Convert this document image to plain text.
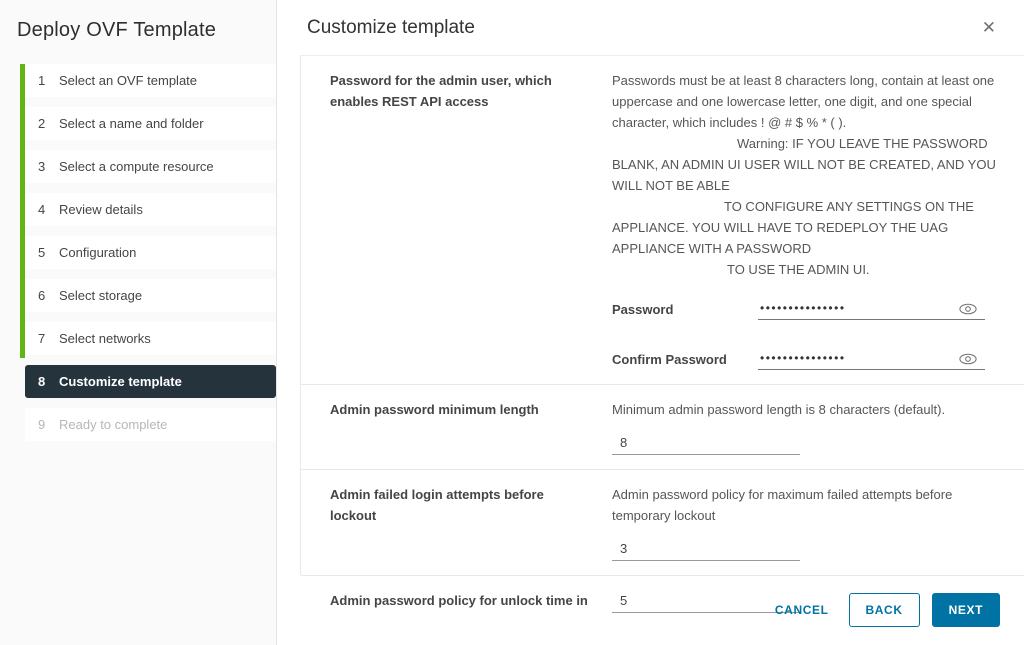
Deploy OVF Template
1	Select an OVF template
2	Select a name and folder
3	Select a compute resource
4	Review details
5	Configuration
6	Select storage
7	Select networks
8	Customize template
9	Ready to complete
Customize template	✕
Password for the admin user, which enables REST API access

Passwords must be at least 8 characters long, contain at least one uppercase and one lowercase letter, one digit, and one special character, which includes ! @ # $ % * ( ).

Warning: IF YOU LEAVE THE PASSWORD BLANK, AN ADMIN UI USER WILL NOT BE CREATED, AND YOU WILL NOT BE ABLE

TO CONFIGURE ANY SETTINGS ON THE APPLIANCE. YOU WILL HAVE TO REDEPLOY THE UAG APPLIANCE WITH A PASSWORD

TO USE THE ADMIN UI.

Password
•••••••••••••••
Confirm Password
•••••••••••••••
Admin password minimum length	Minimum admin password length is 8 characters (default).

8
Admin failed login attempts before lockout

Admin password policy for maximum failed attempts before temporary lockout

3
Admin password policy for unlock time in
5
CANCEL	BACK	NEXT
